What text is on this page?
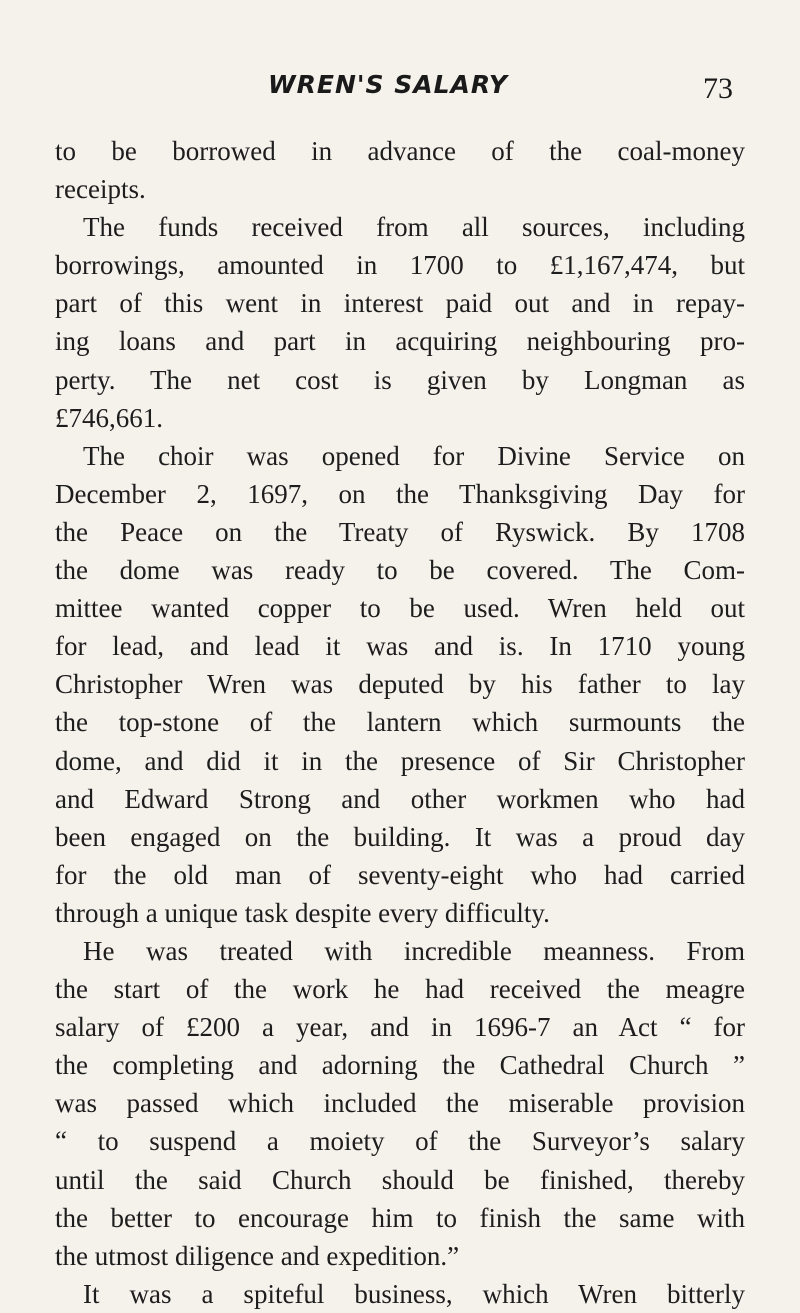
WREN'S SALARY	73
to be borrowed in advance of the coal-money
receipts.
The funds received from all sources, including
borrowings, amounted in 1700 to £1,167,474, but
part of this went in interest paid out and in repay-
ing loans and part in acquiring neighbouring pro-
perty. The net cost is given by Longman as
£746,661.
The choir was opened for Divine Service on
December 2, 1697, on the Thanksgiving Day for
the Peace on the Treaty of Ryswick. By 1708
the dome was ready to be covered. The Com-
mittee wanted copper to be used. Wren held out
for lead, and lead it was and is. In 1710 young
Christopher Wren was deputed by his father to lay
the top-stone of the lantern which surmounts the
dome, and did it in the presence of Sir Christopher
and Edward Strong and other workmen who had
been engaged on the building. It was a proud day
for the old man of seventy-eight who had carried
through a unique task despite every difficulty.
He was treated with incredible meanness. From
the start of the work he had received the meagre
salary of £200 a year, and in 1696-7 an Act “ for
the completing and adorning the Cathedral Church ”
was passed which included the miserable provision
“ to suspend a moiety of the Surveyor’s salary
until the said Church should be finished, thereby
the better to encourage him to finish the same with
the utmost diligence and expedition.”
It was a spiteful business, which Wren bitterly
